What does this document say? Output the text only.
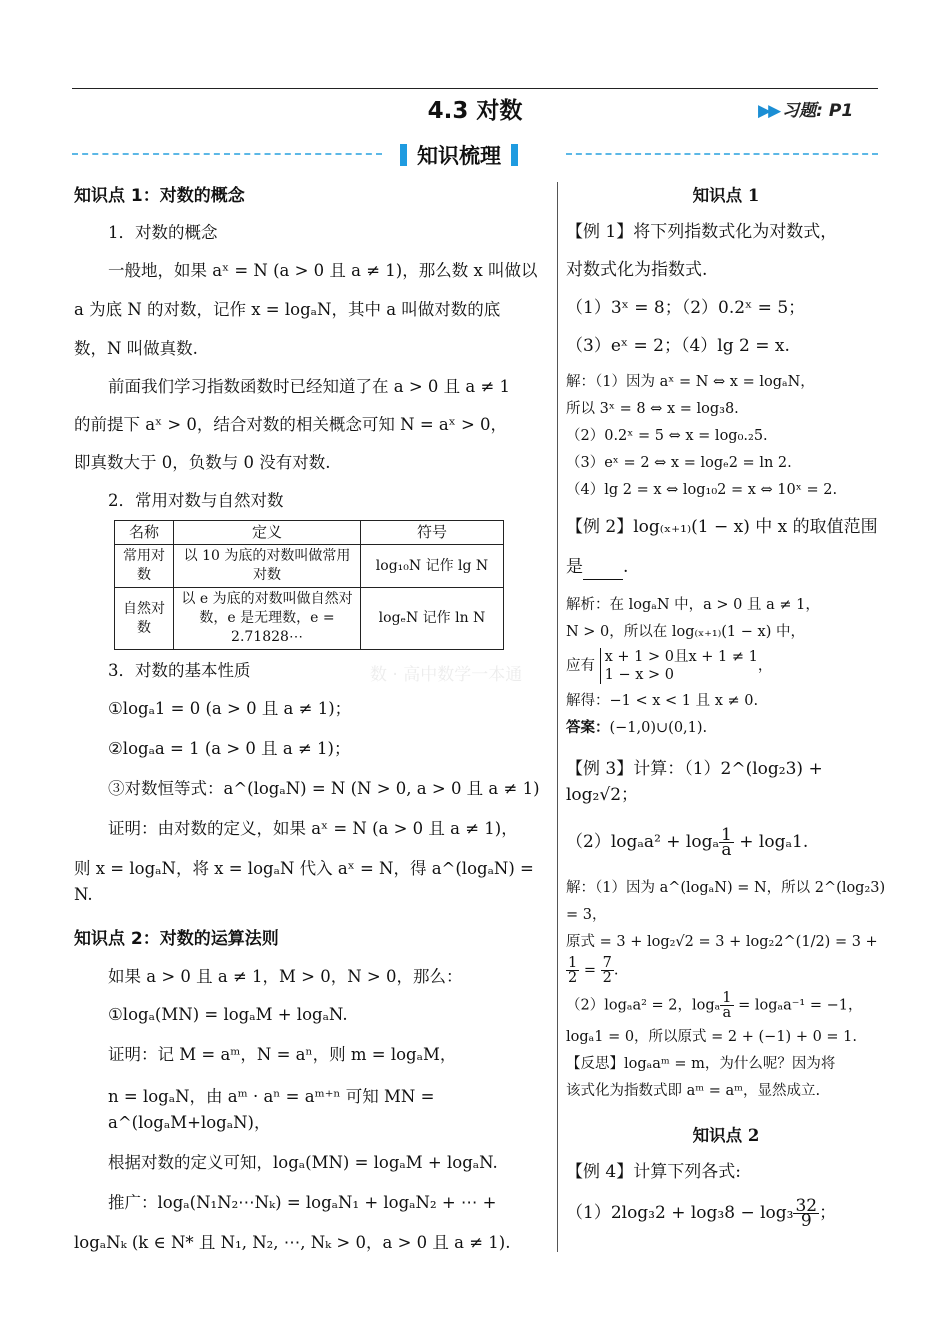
4.3 对数	▶▶ 习题: P1
知识梳理
数 · 高中数学一本通

知识点 1：对数的概念

1．对数的概念

一般地，如果 aˣ = N (a > 0 且 a ≠ 1)，那么数 x 叫做以

a 为底 N 的对数，记作 x = logₐN，其中 a 叫做对数的底

数，N 叫做真数.

前面我们学习指数函数时已经知道了在 a > 0 且 a ≠ 1

的前提下 aˣ > 0，结合对数的相关概念可知 N = aˣ > 0，

即真数大于 0，负数与 0 没有对数.

2．常用对数与自然对数

名称	定义	符号
常用对数	以 10 为底的对数叫做常用对数	log₁₀N 记作 lg N
自然对数	以 e 为底的对数叫做自然对数，e 是无理数，e = 2.71828⋯	logₑN 记作 ln N

3．对数的基本性质

①logₐ1 = 0 (a > 0 且 a ≠ 1)；

②logₐa = 1 (a > 0 且 a ≠ 1)；

③对数恒等式：a^(logₐN) = N (N > 0, a > 0 且 a ≠ 1)

证明：由对数的定义，如果 aˣ = N (a > 0 且 a ≠ 1)，

则 x = logₐN，将 x = logₐN 代入 aˣ = N，得 a^(logₐN) = N.

知识点 2：对数的运算法则

如果 a > 0 且 a ≠ 1，M > 0，N > 0，那么：

①logₐ(MN) = logₐM + logₐN.

证明：记 M = aᵐ，N = aⁿ，则 m = logₐM，

n = logₐN，由 aᵐ · aⁿ = aᵐ⁺ⁿ 可知 MN = a^(logₐM+logₐN)，

根据对数的定义可知，logₐ(MN) = logₐM + logₐN.

推广：logₐ(N₁N₂⋯Nₖ) = logₐN₁ + logₐN₂ + ⋯ +

logₐNₖ (k ∈ N* 且 N₁, N₂, ⋯, Nₖ > 0，a > 0 且 a ≠ 1).

知识点 1

【例 1】将下列指数式化为对数式，

对数式化为指数式.

（1）3ˣ = 8；（2）0.2ˣ = 5；

（3）eˣ = 2；（4）lg 2 = x.

解：（1）因为 aˣ = N ⇔ x = logₐN，

所以 3ˣ = 8 ⇔ x = log₃8.

（2）0.2ˣ = 5 ⇔ x = log₀.₂5.

（3）eˣ = 2 ⇔ x = logₑ2 = ln 2.

（4）lg 2 = x ⇔ log₁₀2 = x ⇔ 10ˣ = 2.

【例 2】log₍ₓ₊₁₎(1 − x) 中 x 的取值范围

是 .

解析：在 logₐN 中，a > 0 且 a ≠ 1，

N > 0，所以在 log₍ₓ₊₁₎(1 − x) 中，

应有
x + 1 > 0且x + 1 ≠ 1
1 − x > 0
，

解得：−1 < x < 1 且 x ≠ 0.

答案：(−1,0)∪(0,1).

【例 3】计算：（1）2^(log₂3) + log₂√2；

（2）logₐa² + logₐ $\frac{1}{a} + \log_a1$.

解：（1）因为 a^(logₐN) = N，所以 2^(log₂3) = 3，

原式 = 3 + log₂√2 = 3 + log₂2^(1/2) = 3 +
$\frac{1}{2} = \frac{7}{2}$ .

（2）logₐa² = 2，logₐ $\frac{1}{a} = \log_aa^{-1} = -1$，

logₐ1 = 0，所以原式 = 2 + (−1) + 0 = 1.

【反思】logₐaᵐ = m，为什么呢？因为将

该式化为指数式即 aᵐ = aᵐ，显然成立.

知识点 2

【例 4】计算下列各式:

$(1)2\log_32 + \log_38 - \log_3 \frac{32}{9}$ ；
